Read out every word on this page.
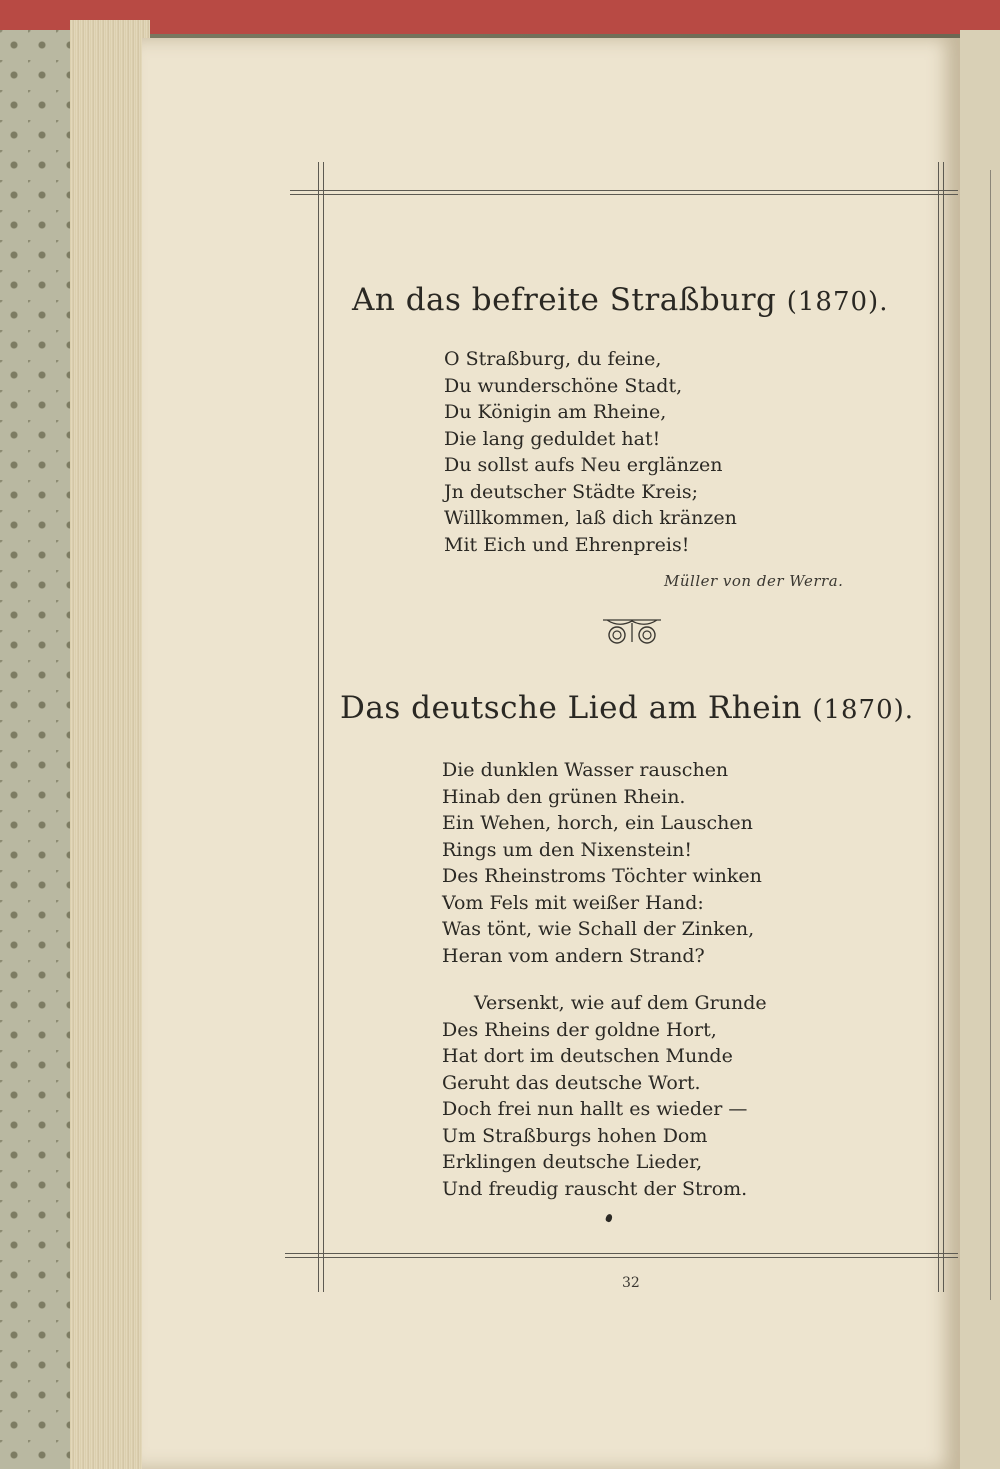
An das befreite Straßburg (1870).
O Straßburg, du feine,
Du wunderschöne Stadt,
Du Königin am Rheine,
Die lang geduldet hat!
Du sollst aufs Neu erglänzen
Jn deutscher Städte Kreis;
Willkommen, laß dich kränzen
Mit Eich und Ehrenpreis!
Müller von der Werra.
Das deutsche Lied am Rhein (1870).
Die dunklen Wasser rauschen
Hinab den grünen Rhein.
Ein Wehen, horch, ein Lauschen
Rings um den Nixenstein!
Des Rheinstroms Töchter winken
Vom Fels mit weißer Hand:
Was tönt, wie Schall der Zinken,
Heran vom andern Strand?
Versenkt, wie auf dem Grunde
Des Rheins der goldne Hort,
Hat dort im deutschen Munde
Geruht das deutsche Wort.
Doch frei nun hallt es wieder —
Um Straßburgs hohen Dom
Erklingen deutsche Lieder,
Und freudig rauscht der Strom.
32
